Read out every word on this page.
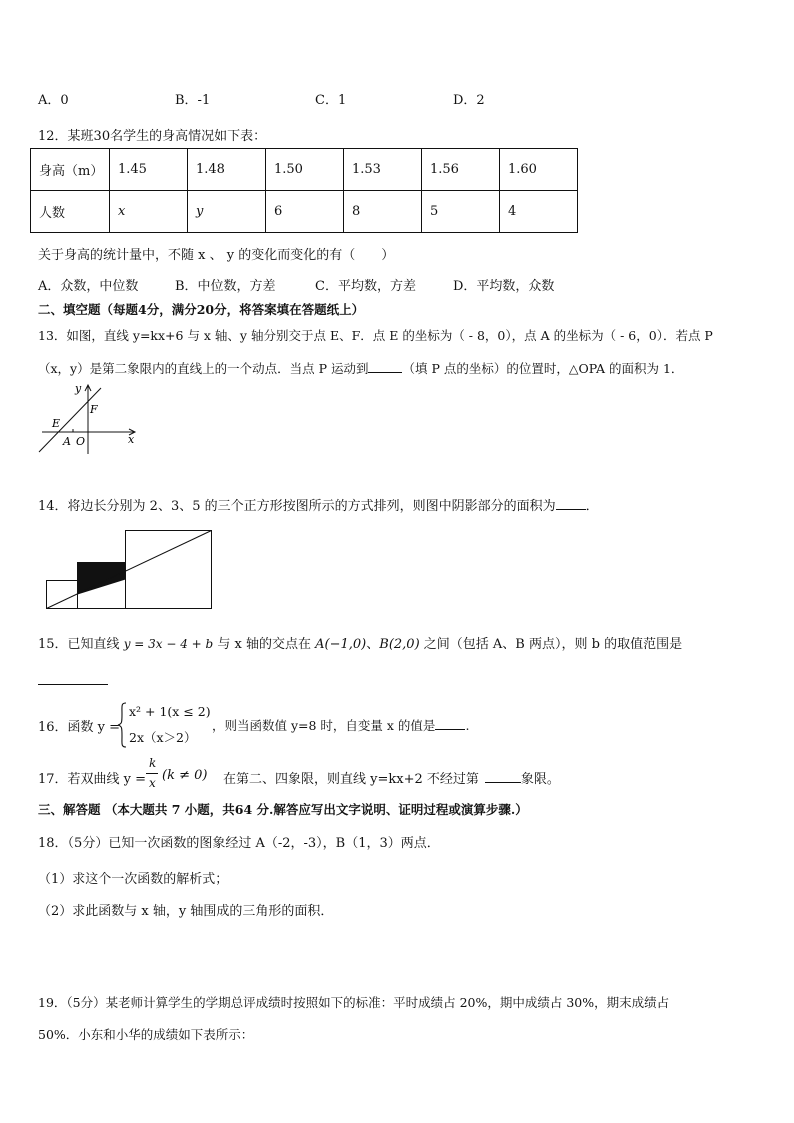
A．0	B．-1	C．1	D．2
12．某班30名学生的身高情况如下表：
身高（m）	1.45	1.48	1.50	1.53	1.56	1.60
人数	x	y	6	8	5	4
关于身高的统计量中，不随 x 、 y 的变化而变化的有（　　）
A．众数，中位数	B．中位数，方差	C．平均数，方差	D．平均数，众数
二、填空题（每题4分，满分20分，将答案填在答题纸上）
13．如图，直线 y=kx+6 与 x 轴、y 轴分别交于点 E、F．点 E 的坐标为（ - 8，0），点 A 的坐标为（ - 6，0）．若点 P
（x，y）是第二象限内的直线上的一个动点．当点 P 运动到	（填 P 点的坐标）的位置时，△OPA 的面积为 1．
y
F
E
A O	x
14．将边长分别为 2、3、5 的三个正方形按图所示的方式排列，则图中阴影部分的面积为 ．
15．已知直线 y = 3x − 4 + b 与 x 轴的交点在 A(−1,0)、B(2,0) 之间（包括 A、B 两点），则 b 的取值范围是
16．函数 y =
x² + 1(x ≤ 2)
2x（x＞2）
，则当函数值 y=8 时，自变量 x 的值是 .
17．若双曲线 y =
k
x (k ≠ 0) 在第二、四象限，则直线 y=kx+2 不经过第	象限。
三、解答题 （本大题共 7 小题，共64 分.解答应写出文字说明、证明过程或演算步骤.）
18．（5分）已知一次函数的图象经过 A（-2，-3），B（1，3）两点．
（1）求这个一次函数的解析式；
（2）求此函数与 x 轴，y 轴围成的三角形的面积．
19．（5分）某老师计算学生的学期总评成绩时按照如下的标准：平时成绩占 20%，期中成绩占 30%，期末成绩占
50%．小东和小华的成绩如下表所示：
